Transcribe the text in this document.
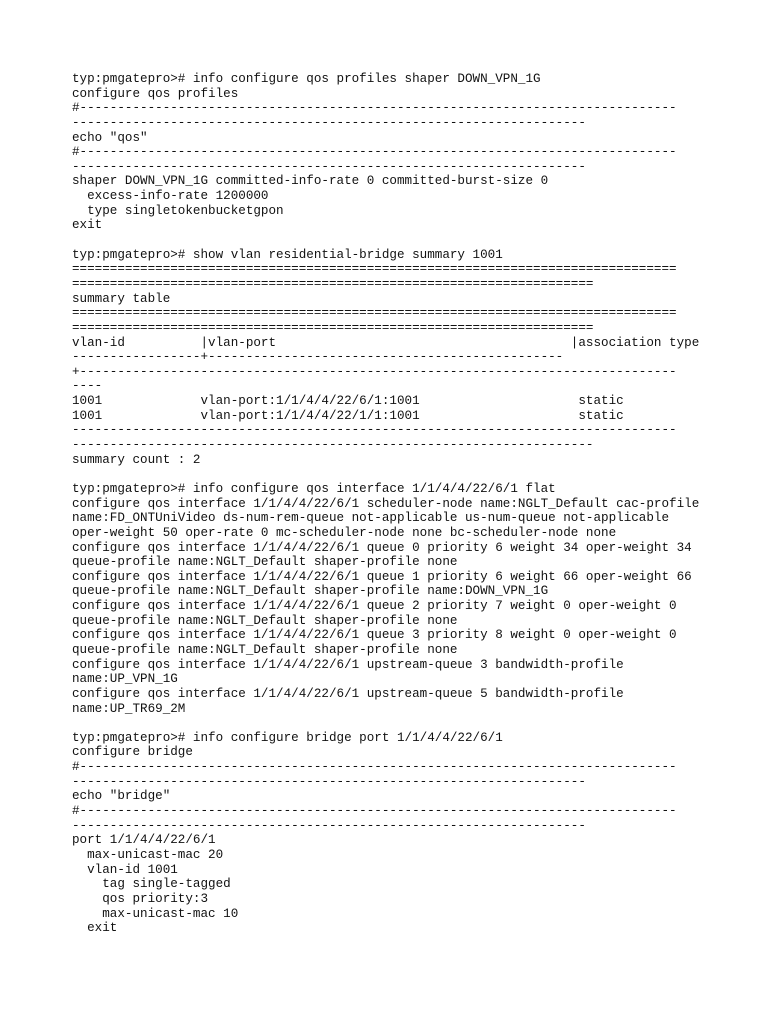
typ:pmgatepro># info configure qos profiles shaper DOWN_VPN_1G
configure qos profiles
#-------------------------------------------------------------------------------
--------------------------------------------------------------------
echo "qos"
#-------------------------------------------------------------------------------
--------------------------------------------------------------------
shaper DOWN_VPN_1G committed-info-rate 0 committed-burst-size 0
excess-info-rate 1200000
type singletokenbucketgpon
exit
typ:pmgatepro># show vlan residential-bridge summary 1001
================================================================================
=====================================================================
summary table
================================================================================
=====================================================================
vlan-id          |vlan-port                                       |association type
-----------------+-----------------------------------------------
+-------------------------------------------------------------------------------
----
1001             vlan-port:1/1/4/4/22/6/1:1001                     static
1001             vlan-port:1/1/4/4/22/1/1:1001                     static
--------------------------------------------------------------------------------
---------------------------------------------------------------------
summary count : 2
typ:pmgatepro># info configure qos interface 1/1/4/4/22/6/1 flat
configure qos interface 1/1/4/4/22/6/1 scheduler-node name:NGLT_Default cac-profile
name:FD_ONTUniVideo ds-num-rem-queue not-applicable us-num-queue not-applicable
oper-weight 50 oper-rate 0 mc-scheduler-node none bc-scheduler-node none
configure qos interface 1/1/4/4/22/6/1 queue 0 priority 6 weight 34 oper-weight 34
queue-profile name:NGLT_Default shaper-profile none
configure qos interface 1/1/4/4/22/6/1 queue 1 priority 6 weight 66 oper-weight 66
queue-profile name:NGLT_Default shaper-profile name:DOWN_VPN_1G
configure qos interface 1/1/4/4/22/6/1 queue 2 priority 7 weight 0 oper-weight 0
queue-profile name:NGLT_Default shaper-profile none
configure qos interface 1/1/4/4/22/6/1 queue 3 priority 8 weight 0 oper-weight 0
queue-profile name:NGLT_Default shaper-profile none
configure qos interface 1/1/4/4/22/6/1 upstream-queue 3 bandwidth-profile
name:UP_VPN_1G
configure qos interface 1/1/4/4/22/6/1 upstream-queue 5 bandwidth-profile
name:UP_TR69_2M
typ:pmgatepro># info configure bridge port 1/1/4/4/22/6/1
configure bridge
#-------------------------------------------------------------------------------
--------------------------------------------------------------------
echo "bridge"
#-------------------------------------------------------------------------------
--------------------------------------------------------------------
port 1/1/4/4/22/6/1
max-unicast-mac 20
vlan-id 1001
tag single-tagged
qos priority:3
max-unicast-mac 10
exit
